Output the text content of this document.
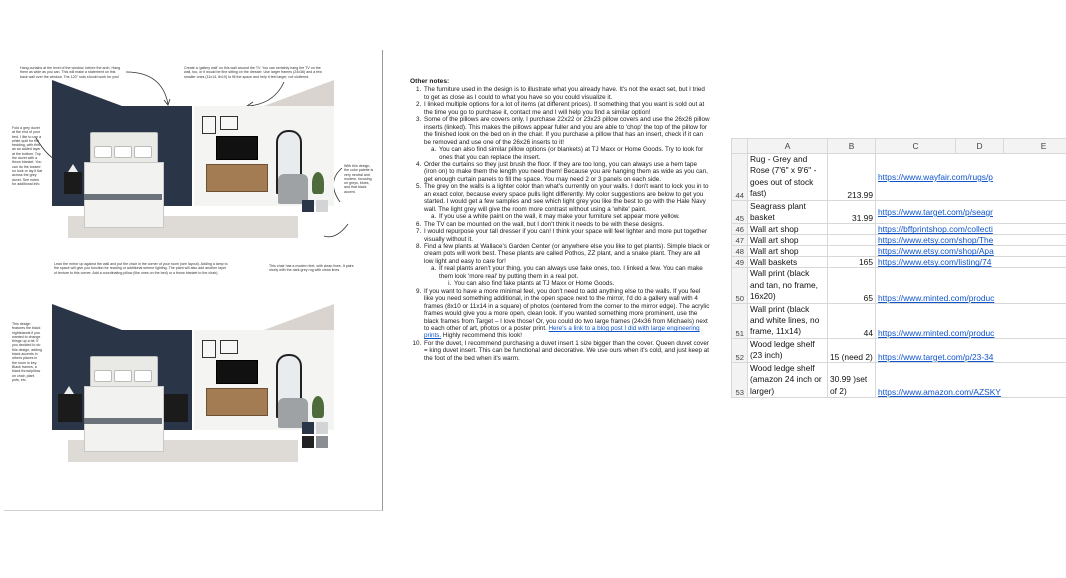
Hang curtains at the level of the window, before the arch. Hang them as wide as you can. This will make a statement on this back wall over the window. The 120" rods should work for you!
Create a 'gallery wall' on this wall around the TV. You can certainly hang the TV on the wall, too, or it would be fine sitting on the dresser. Use larger frames (24x36) and a few smaller ones (11x14, 8x10) to fill the space and help it feel larger, not cluttered.
Fold a grey duvet at the end of your bed. I like to use a white quilt for the bedding, with this as an added layer at the bottom. Top the duvet with a throw blanket. You can do the tossed on look or lay it flat across the grey duvet. See notes for additional info.
With this design, the color palette is very neutral and modern, focusing on greys, blues, and that black accent.
Lean the mirror up against the wall and put the chair in the corner of your room (see layout). Adding a lamp to the space will give you function for reading or additional serene lighting. The plant will also add another layer of texture to this corner. Add a coordinating pillow (like ones on the bed) or a throw blanket to the chair).
This chair has a modern feel, with clean lines. It pairs nicely with the dark grey rug with clean lines.
This design features the black nightstands if you wanted to change things up a bit. If you decided to do this design, adding black accents in others places in the room is key. Black frames, a black throw/pillow on chair, plant pots, etc.
Other notes:
1. The furniture used in the design is to illustrate what you already have. It's not the exact set, but I tried to get as close as I could to what you have so you could visualize it.
2. I linked multiple options for a lot of items (at different prices). If something that you want is sold out at the time you go to purchase it, contact me and I will help you find a similar option!
3. Some of the pillows are covers only. I purchase 22x22 or 23x23 pillow covers and use the 26x26 pillow inserts (linked). This makes the pillows appear fuller and you are able to 'chop' the top of the pillow for the finished look on the bed on in the chair. If you purchase a pillow that has an insert, check if it can be removed and use one of the 26x26 inserts to it!
a. You can also find similar pillow options (or blankets) at TJ Maxx or Home Goods. Try to look for ones that you can replace the insert.
4. Order the curtains so they just brush the floor. If they are too long, you can always use a hem tape (iron on) to make them the length you need them! Because you are hanging them as wide as you can, get enough curtain panels to fill the space. You may need 2 or 3 panels on each side.
5. The grey on the walls is a lighter color than what's currently on your walls. I don't want to lock you in to an exact color, because every space pulls light differently. My color suggestions are below to get you started. I would get a few samples and see which light grey you like the best to go with the Hale Navy wall. The light grey will give the room more contrast without using a 'white' paint.
a. If you use a white paint on the wall, it may make your furniture set appear more yellow.
6. The TV can be mounted on the wall, but I don't think it needs to be with these designs.
7. I would repurpose your tall dresser if you can! I think your space will feel lighter and more put together visually without it.
8. Find a few plants at Wallace's Garden Center (or anywhere else you like to get plants). Simple black or cream pots will work best. These plants are called Pothos, ZZ plant, and a snake plant. They are all low light and easy to care for!
a. If real plants aren't your thing, you can always use fake ones, too. I linked a few. You can make them look 'more real' by putting them in a real pot.
i. You can also find fake plants at TJ Maxx or Home Goods.
9. If you want to have a more minimal feel, you don't need to add anything else to the walls. If you feel like you need something additional, in the open space next to the mirror, I'd do a gallery wall with 4 frames (8x10 or 11x14 in a square) of photos (centered from the corner to the mirror edge). The acrylic frames would give you a more open, clean look. If you wanted something more prominent, use the black frames from Target – I love those! Or, you could do two large frames (24x36 from Michaels) next to each other of art, photos or a poster print. Here's a link to a blog post I did with large engineering prints. Highly recommend this look!
10. For the duvet, I recommend purchasing a duvet insert 1 size bigger than the cover. Queen duvet cover = king duvet insert. This can be functional and decorative. We use ours when it's cold, and just keep at the foot of the bed when it's warm.
	A	B	C	D	E
44	Rug - Grey and Rose (7'6" x 9'6" - goes out of stock fast)	213.99	https://www.wayfair.com/rugs/p		
45	Seagrass plant basket	31.99	https://www.target.com/p/seagr		
46	Wall art shop		https://bffprintshop.com/collecti		
47	Wall art shop		https://www.etsy.com/shop/The		
48	Wall art shop		https://www.etsy.com/shop/Apa		
49	Wall baskets	165	https://www.etsy.com/listing/74		
50	Wall print (black and tan, no frame, 16x20)	65	https://www.minted.com/produc		
51	Wall print (black and white lines, no frame, 11x14)	44	https://www.minted.com/produc		
52	Wood ledge shelf (23 inch)	15 (need 2)	https://www.target.com/p/23-34		
53	Wood ledge shelf (amazon 24 inch or larger)	30.99 )set of 2)	https://www.amazon.com/AZSKY		
